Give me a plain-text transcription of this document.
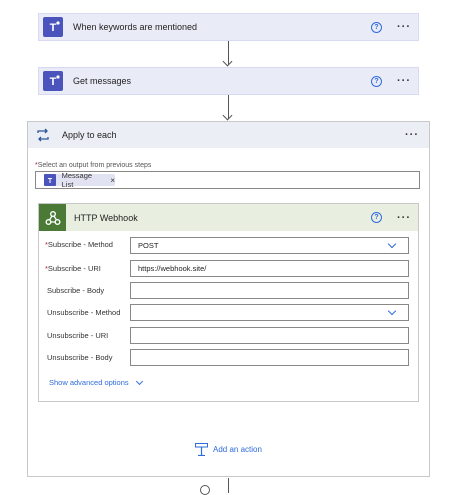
T When keywords are mentioned	?	···
T Get messages	?	···
Apply to each	···
*Select an output from previous steps
T
Message List	×
HTTP Webhook	?	···
*Subscribe - Method	POST
*Subscribe - URI	https://webhook.site/
Subscribe - Body
Unsubscribe - Method
Unsubscribe - URI
Unsubscribe - Body
Show advanced options
Add an action
